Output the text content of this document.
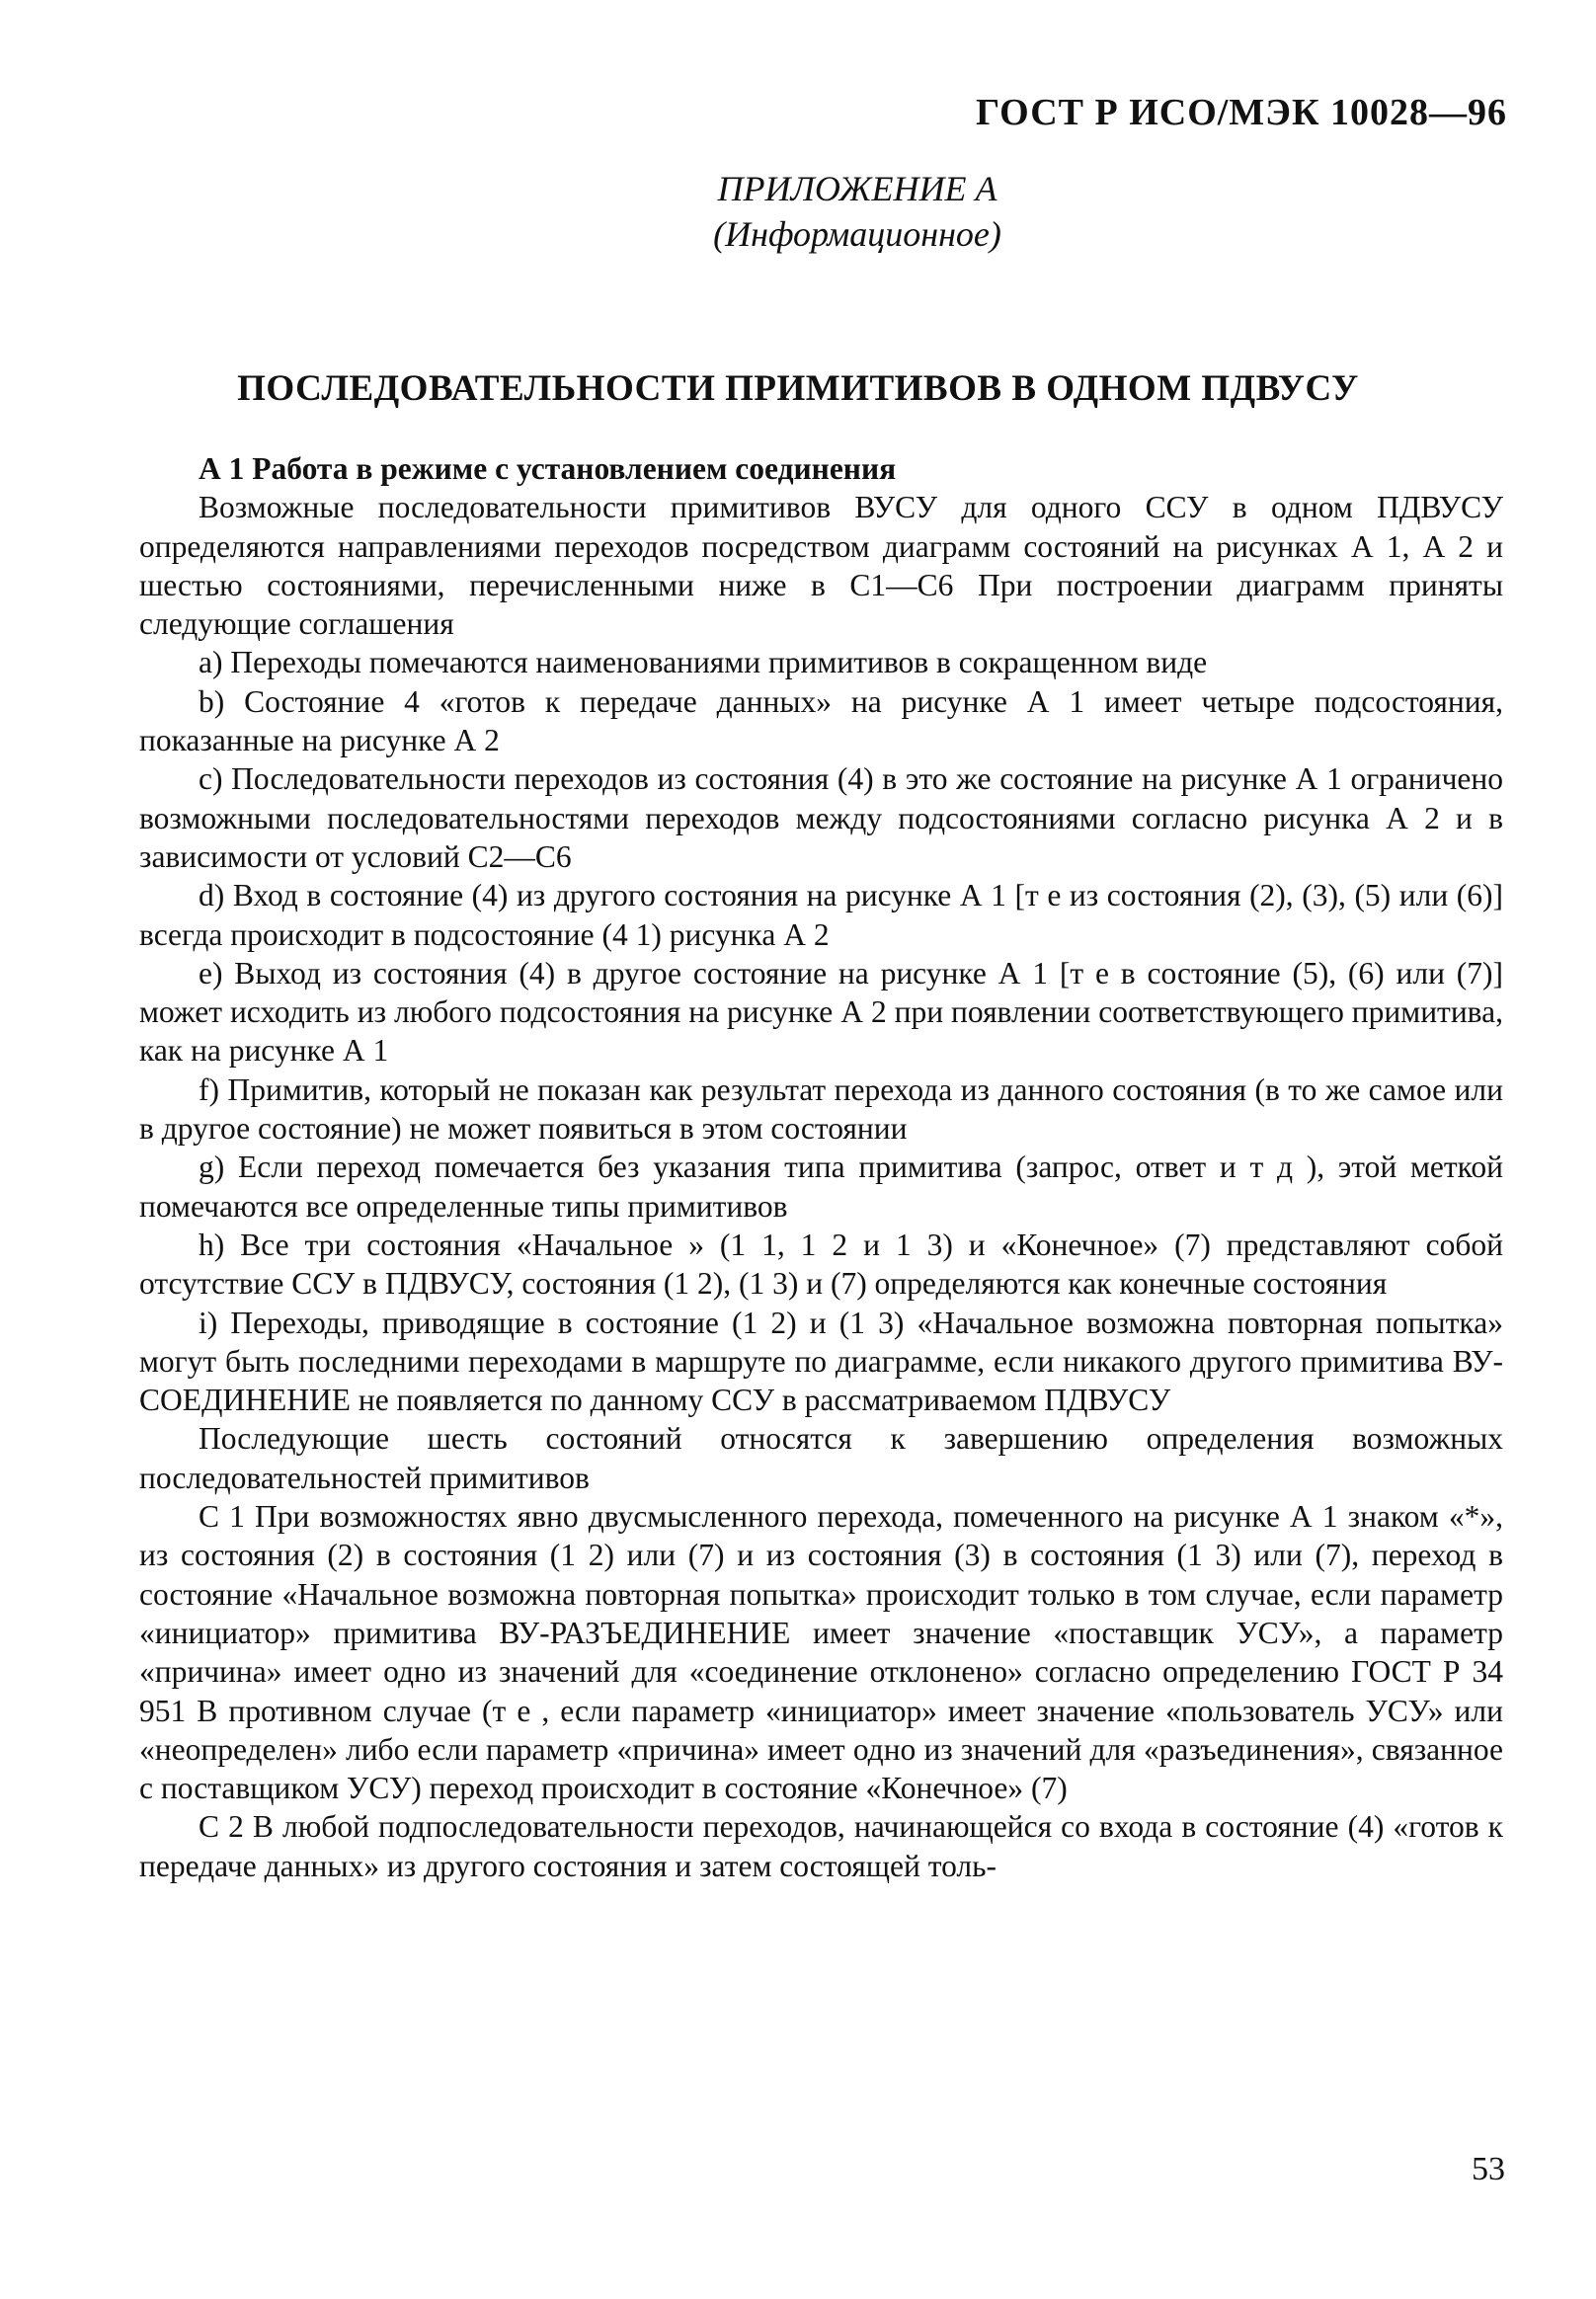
ГОСТ Р ИСО/МЭК 10028—96
ПРИЛОЖЕНИЕ А
(Информационное)
ПОСЛЕДОВАТЕЛЬНОСТИ ПРИМИТИВОВ В ОДНОМ ПДВУСУ

А 1 Работа в режиме с установлением соединения

Возможные последовательности примитивов ВУСУ для одного ССУ в одном ПДВУСУ определяются направлениями переходов посредством диаграмм состояний на рисунках А 1, А 2 и шестью состояниями, перечисленными ниже в С1—С6 При построении диаграмм приняты следующие соглашения

a) Переходы помечаются наименованиями примитивов в сокращенном виде

b) Состояние 4 «готов к передаче данных» на рисунке А 1 имеет четыре подсостояния, показанные на рисунке А 2

c) Последовательности переходов из состояния (4) в это же состояние на рисунке А 1 ограничено возможными последовательностями переходов между подсостояниями согласно рисунка А 2 и в зависимости от условий С2—С6

d) Вход в состояние (4) из другого состояния на рисунке А 1 [т е из состояния (2), (3), (5) или (6)] всегда происходит в подсостояние (4 1) рисунка А 2

e) Выход из состояния (4) в другое состояние на рисунке А 1 [т е в состояние (5), (6) или (7)] может исходить из любого подсостояния на рисунке А 2 при появлении соответствующего примитива, как на рисунке А 1

f) Примитив, который не показан как результат перехода из данного состояния (в то же самое или в другое состояние) не может появиться в этом состоянии

g) Если переход помечается без указания типа примитива (запрос, ответ и т д ), этой меткой помечаются все определенные типы примитивов

h) Все три состояния «Начальное » (1 1, 1 2 и 1 3) и «Конечное» (7) представляют собой отсутствие ССУ в ПДВУСУ, состояния (1 2), (1 3) и (7) определяются как конечные состояния

i) Переходы, приводящие в состояние (1 2) и (1 3) «Начальное возможна повторная попытка» могут быть последними переходами в маршруте по диаграмме, если никакого другого примитива ВУ-СОЕДИНЕНИЕ не появляется по данному ССУ в рассматриваемом ПДВУСУ

Последующие шесть состояний относятся к завершению определения возможных последовательностей примитивов

С 1 При возможностях явно двусмысленного перехода, помеченного на рисунке А 1 знаком «*», из состояния (2) в состояния (1 2) или (7) и из состояния (3) в состояния (1 3) или (7), переход в состояние «Начальное возможна повторная попытка» происходит только в том случае, если параметр «инициатор» примитива ВУ-РАЗЪЕДИНЕНИЕ имеет значение «поставщик УСУ», а параметр «причина» имеет одно из значений для «соединение отклонено» согласно определению ГОСТ Р 34 951 В противном случае (т е , если параметр «инициатор» имеет значение «пользователь УСУ» или «неопределен» либо если параметр «причина» имеет одно из значений для «разъединения», связанное с поставщиком УСУ) переход происходит в состояние «Конечное» (7)

С 2 В любой подпоследовательности переходов, начинающейся со входа в состояние (4) «готов к передаче данных» из другого состояния и затем состоящей толь-

53
